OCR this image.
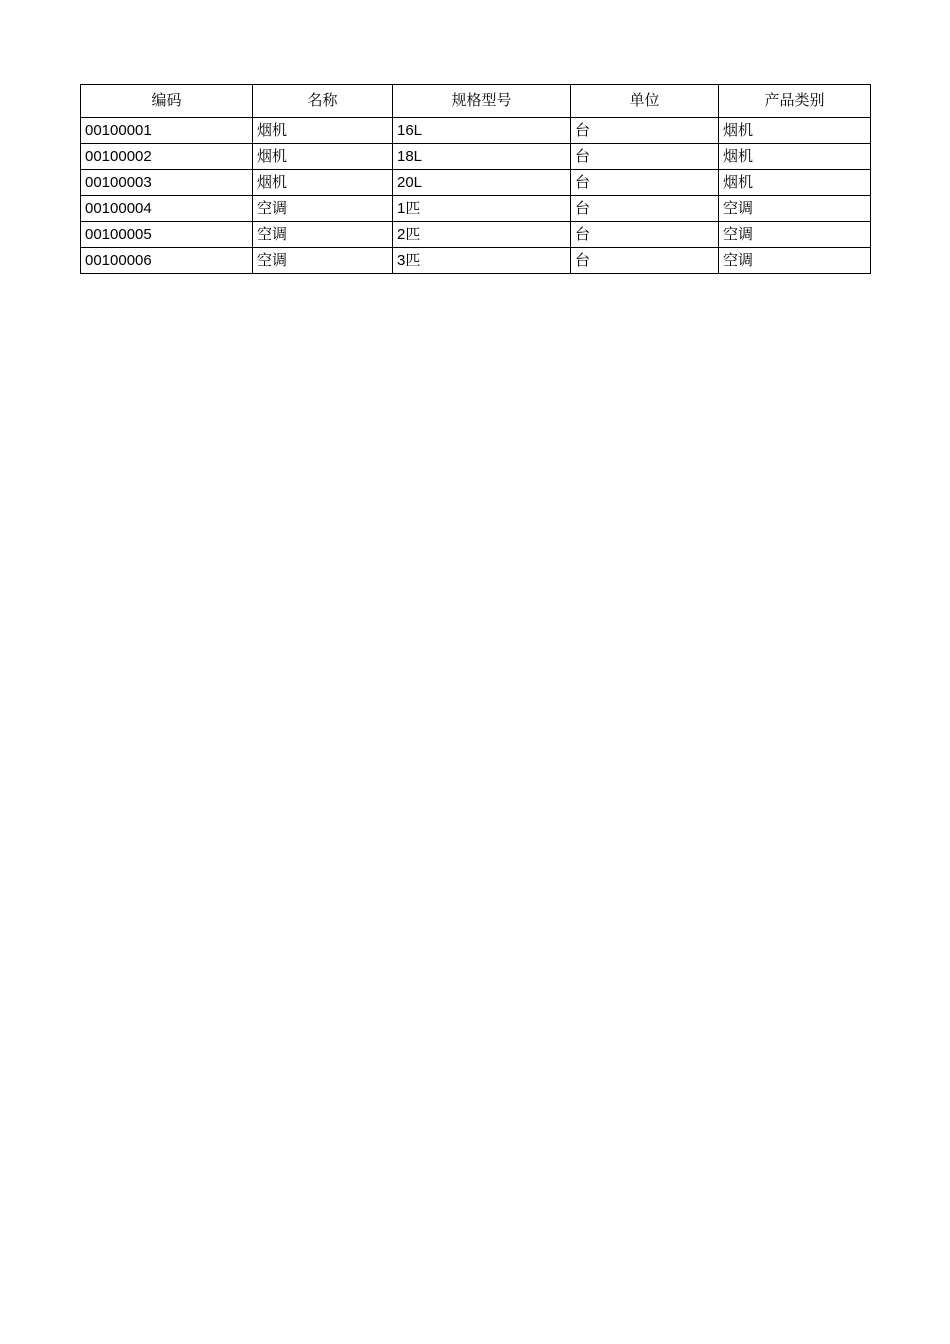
编码	名称	规格型号	单位	产品类别
00100001	烟机	16L	台	烟机
00100002	烟机	18L	台	烟机
00100003	烟机	20L	台	烟机
00100004	空调	1匹	台	空调
00100005	空调	2匹	台	空调
00100006	空调	3匹	台	空调
